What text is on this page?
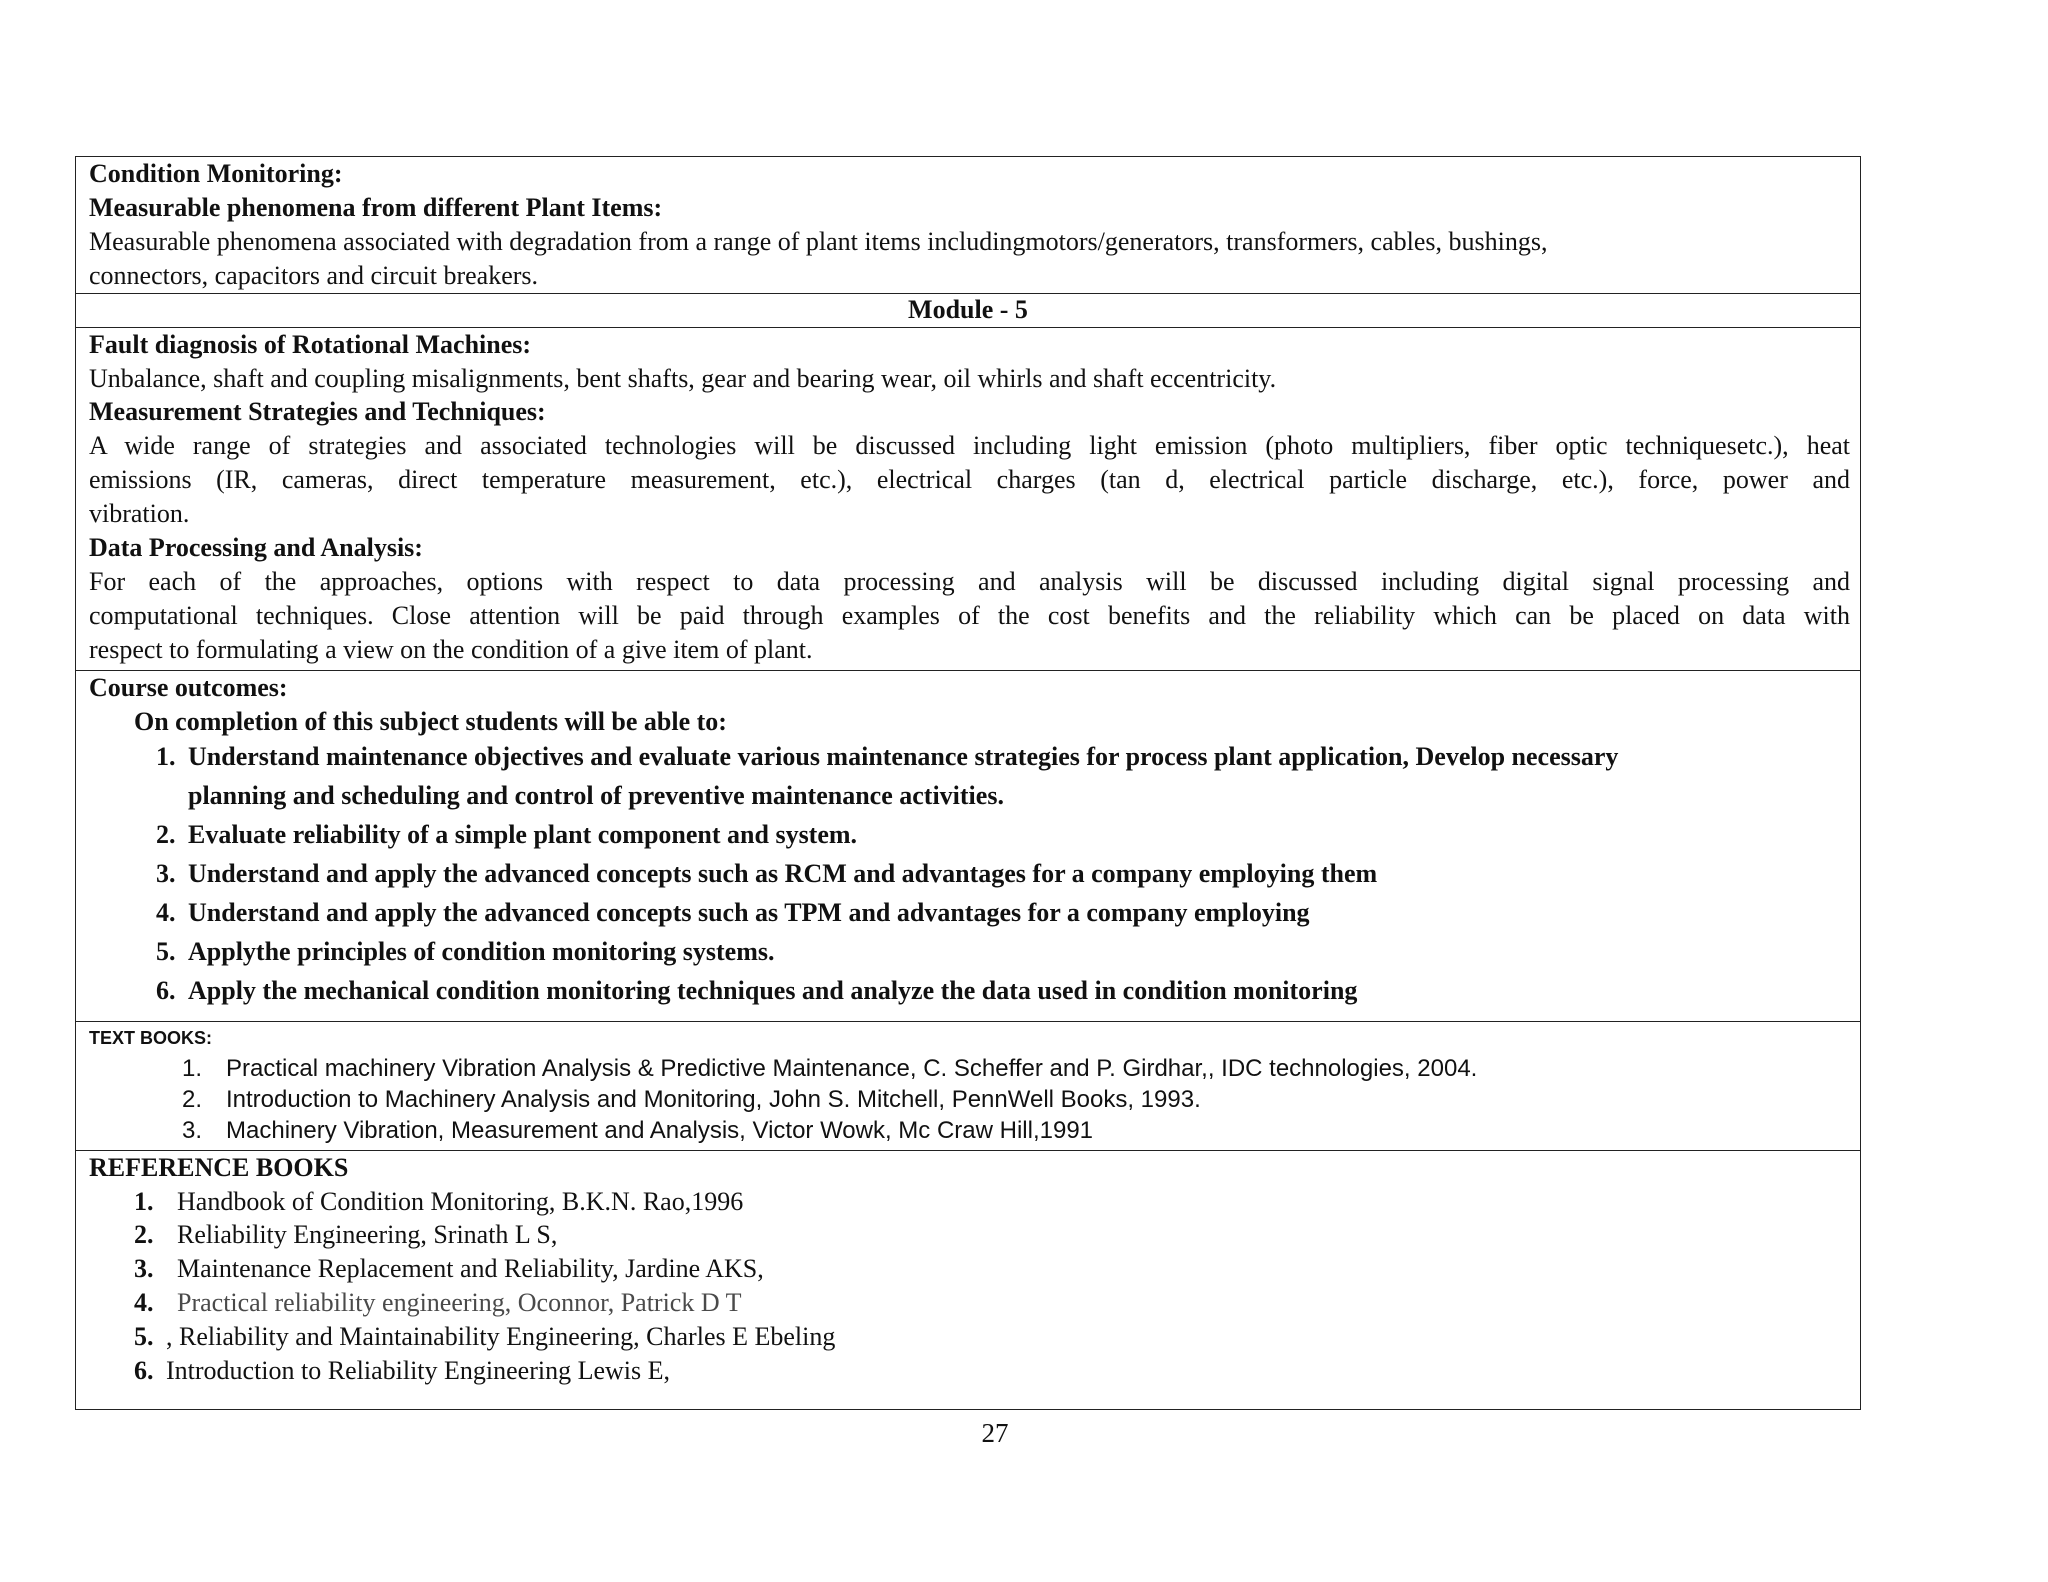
Condition Monitoring:
Measurable phenomena from different Plant Items:
Measurable phenomena associated with degradation from a range of plant items includingmotors/generators, transformers, cables, bushings,
connectors, capacitors and circuit breakers.
Module - 5
Fault diagnosis of Rotational Machines:
Unbalance, shaft and coupling misalignments, bent shafts, gear and bearing wear, oil whirls and shaft eccentricity.
Measurement Strategies and Techniques:
A wide range of strategies and associated technologies will be discussed including light emission (photo multipliers, fiber optic techniquesetc.), heat
emissions (IR, cameras, direct temperature measurement, etc.), electrical charges (tan d, electrical particle discharge, etc.), force, power and
vibration.
Data Processing and Analysis:
For each of the approaches, options with respect to data processing and analysis will be discussed including digital signal processing and
computational techniques. Close attention will be paid through examples of the cost benefits and the reliability which can be placed on data with
respect to formulating a view on the condition of a give item of plant.
Course outcomes:
On completion of this subject students will be able to:
1. Understand maintenance objectives and evaluate various maintenance strategies for process plant application, Develop necessary
planning and scheduling and control of preventive maintenance activities.
2. Evaluate reliability of a simple plant component and system.
3. Understand and apply the advanced concepts such as RCM and advantages for a company employing them
4. Understand and apply the advanced concepts such as TPM and advantages for a company employing
5. Applythe principles of condition monitoring systems.
6. Apply the mechanical condition monitoring techniques and analyze the data used in condition monitoring
TEXT BOOKS:
1. Practical machinery Vibration Analysis & Predictive Maintenance, C. Scheffer and P. Girdhar,, IDC technologies, 2004.
2. Introduction to Machinery Analysis and Monitoring, John S. Mitchell, PennWell Books, 1993.
3. Machinery Vibration, Measurement and Analysis, Victor Wowk, Mc Craw Hill,1991
REFERENCE BOOKS
1. Handbook of Condition Monitoring, B.K.N. Rao,1996
2. Reliability Engineering, Srinath L S,
3. Maintenance Replacement and Reliability, Jardine AKS,
4. Practical reliability engineering, Oconnor, Patrick D T
5. , Reliability and Maintainability Engineering, Charles E Ebeling
6. Introduction to Reliability Engineering Lewis E,
27
